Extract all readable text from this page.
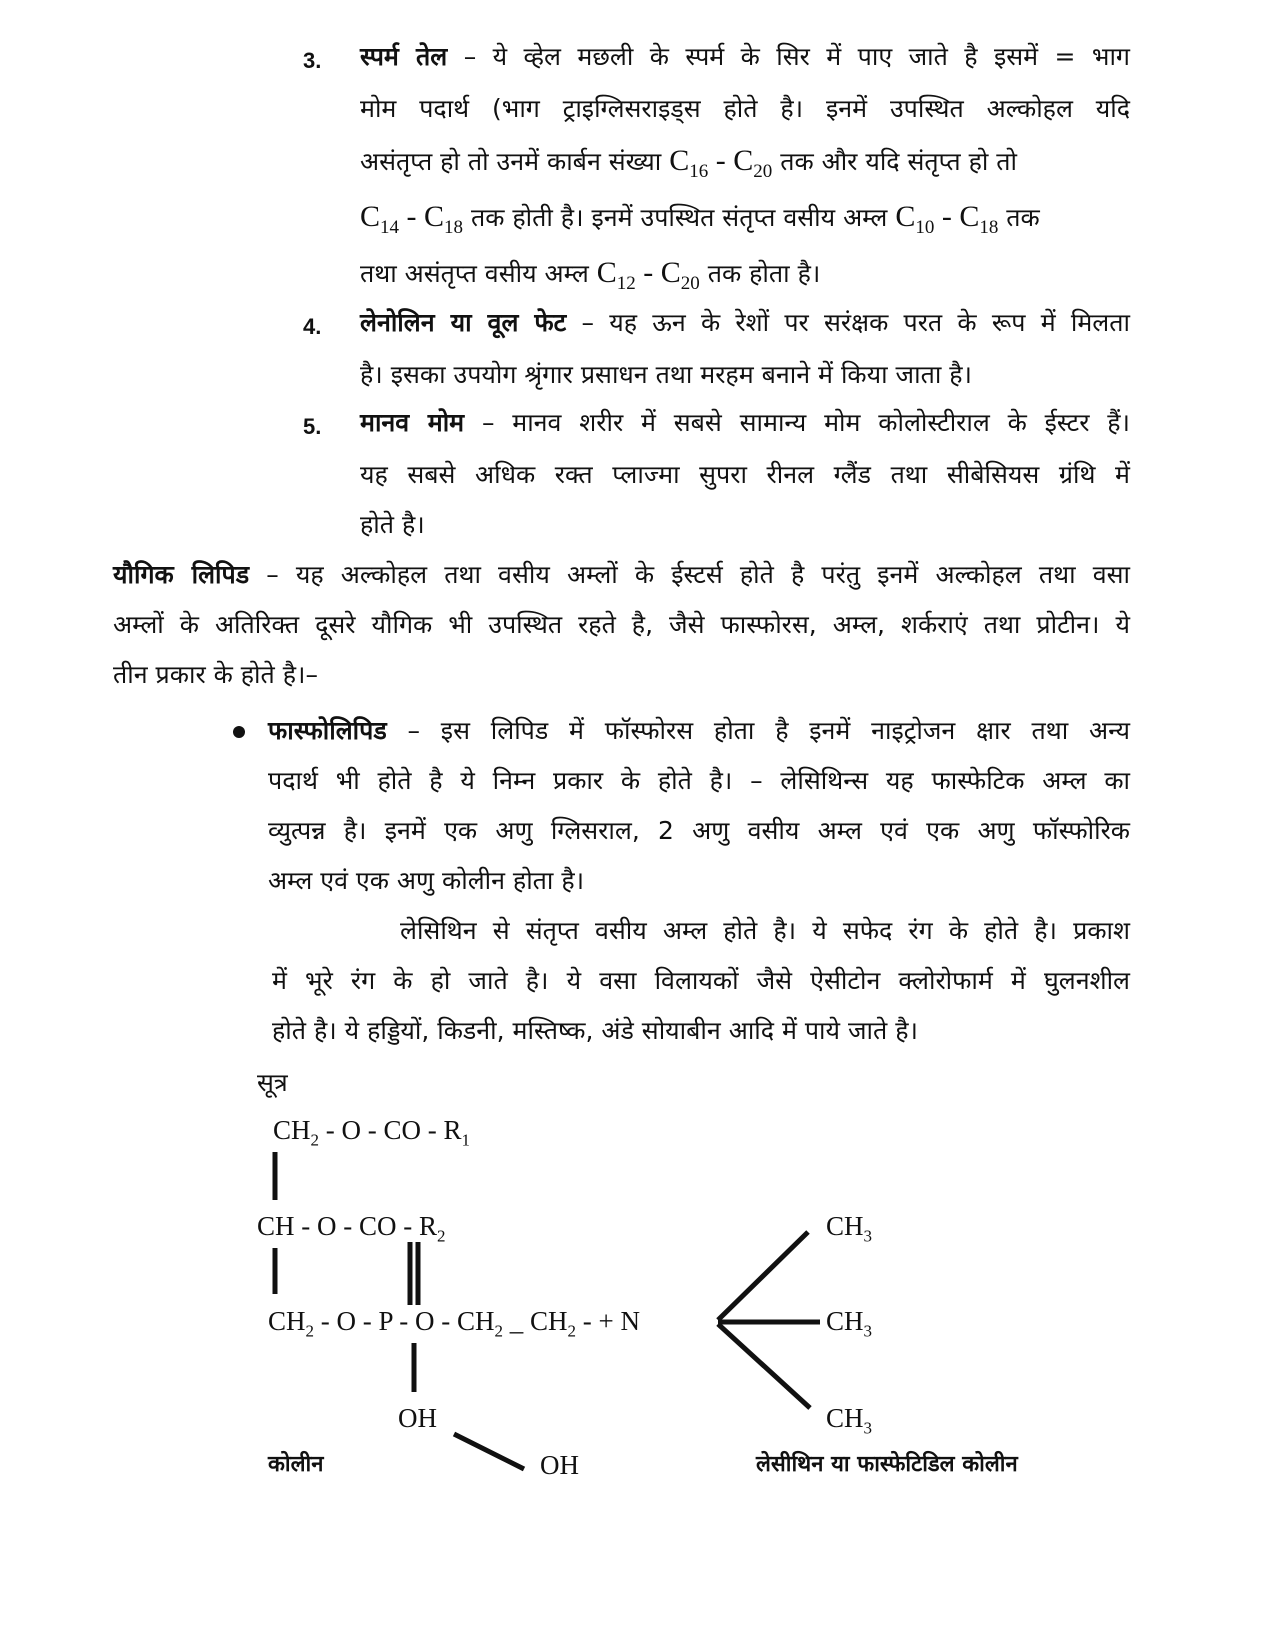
3. स्पर्म तेल – ये व्हेल मछली के स्पर्म के सिर में पाए जाते है इसमें = भाग
मोम पदार्थ (भाग ट्राइग्लिसराइड्स होते है। इनमें उपस्थित अल्कोहल यदि
असंतृप्त हो तो उनमें कार्बन संख्या $C_{16} - C_{20}$ तक और यदि संतृप्त हो तो
$C_{14} - C_{18}$ तक होती है। इनमें उपस्थित संतृप्त वसीय अम्ल $C_{10} - C_{18}$ तक
तथा असंतृप्त वसीय अम्ल $C_{12} - C_{20}$ तक होता है।
4. लेनोलिन या वूल फेट – यह ऊन के रेशों पर सरंक्षक परत के रूप में मिलता
है। इसका उपयोग श्रृंगार प्रसाधन तथा मरहम बनाने में किया जाता है।
5. मानव मोम – मानव शरीर में सबसे सामान्य मोम कोलोस्टीराल के ईस्टर हैं।
यह सबसे अधिक रक्त प्लाज्मा सुपरा रीनल ग्लैंड तथा सीबेसियस ग्रंथि में
होते है।
यौगिक लिपिड – यह अल्कोहल तथा वसीय अम्लों के ईस्टर्स होते है परंतु इनमें अल्कोहल तथा वसा
अम्लों के अतिरिक्त दूसरे यौगिक भी उपस्थित रहते है, जैसे फास्फोरस, अम्ल, शर्कराएं तथा प्रोटीन। ये
तीन प्रकार के होते है।–
फास्फोलिपिड – इस लिपिड में फॉस्फोरस होता है इनमें नाइट्रोजन क्षार तथा अन्य
पदार्थ भी होते है ये निम्न प्रकार के होते है। – लेसिथिन्स यह फास्फेटिक अम्ल का
व्युत्पन्न है। इनमें एक अणु ग्लिसराल, 2 अणु वसीय अम्ल एवं एक अणु फॉस्फोरिक
अम्ल एवं एक अणु कोलीन होता है।
लेसिथिन से संतृप्त वसीय अम्ल होते है। ये सफेद रंग के होते है। प्रकाश
में भूरे रंग के हो जाते है। ये वसा विलायकों जैसे ऐसीटोन क्लोरोफार्म में घुलनशील
होते है। ये हड्डियों, किडनी, मस्तिष्क, अंडे सोयाबीन आदि में पाये जाते है।
सूत्र
$CH_2$ - O - CO - $R_1$
CH - O - CO - $R_2$
$CH_2$ - O - P - O - $CH_2$ _ $CH_2$ - + N
OH
OH
$CH_3$
$CH_3$
$CH_3$
कोलीन	लेसीथिन या फास्फेटिडिल कोलीन
